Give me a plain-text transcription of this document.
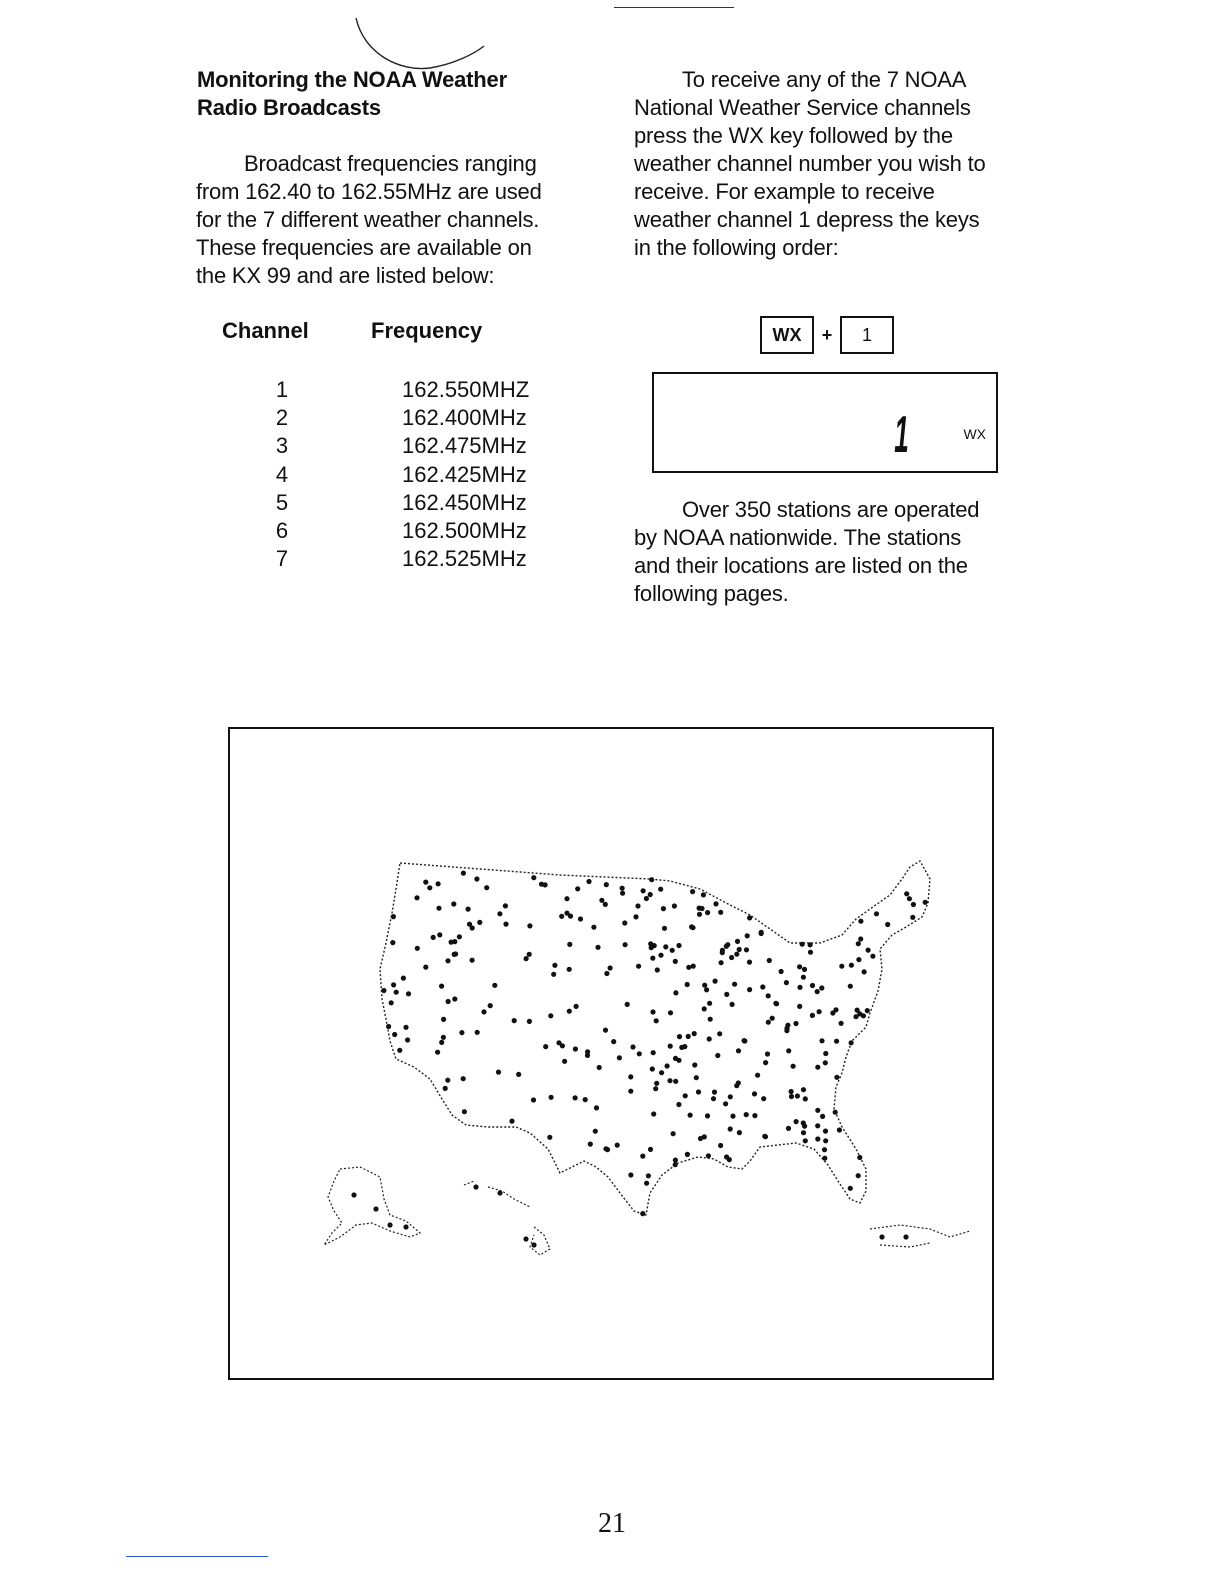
Monitoring the NOAA Weather
Radio Broadcasts
Broadcast frequencies ranging
from 162.40 to 162.55MHz are used
for the 7 different weather channels.
These frequencies are available on
the KX 99 and are listed below:
Channel	Frequency
1	162.550MHZ
2	162.400MHz
3	162.475MHz
4	162.425MHz
5	162.450MHz
6	162.500MHz
7	162.525MHz
To receive any of the 7 NOAA
National Weather Service channels
press the WX key followed by the
weather channel number you wish to
receive. For example to receive
weather channel 1 depress the keys
in the following order:
WX	+	1
1	WX
Over 350 stations are operated
by NOAA nationwide. The stations
and their locations are listed on the
following pages.
21
